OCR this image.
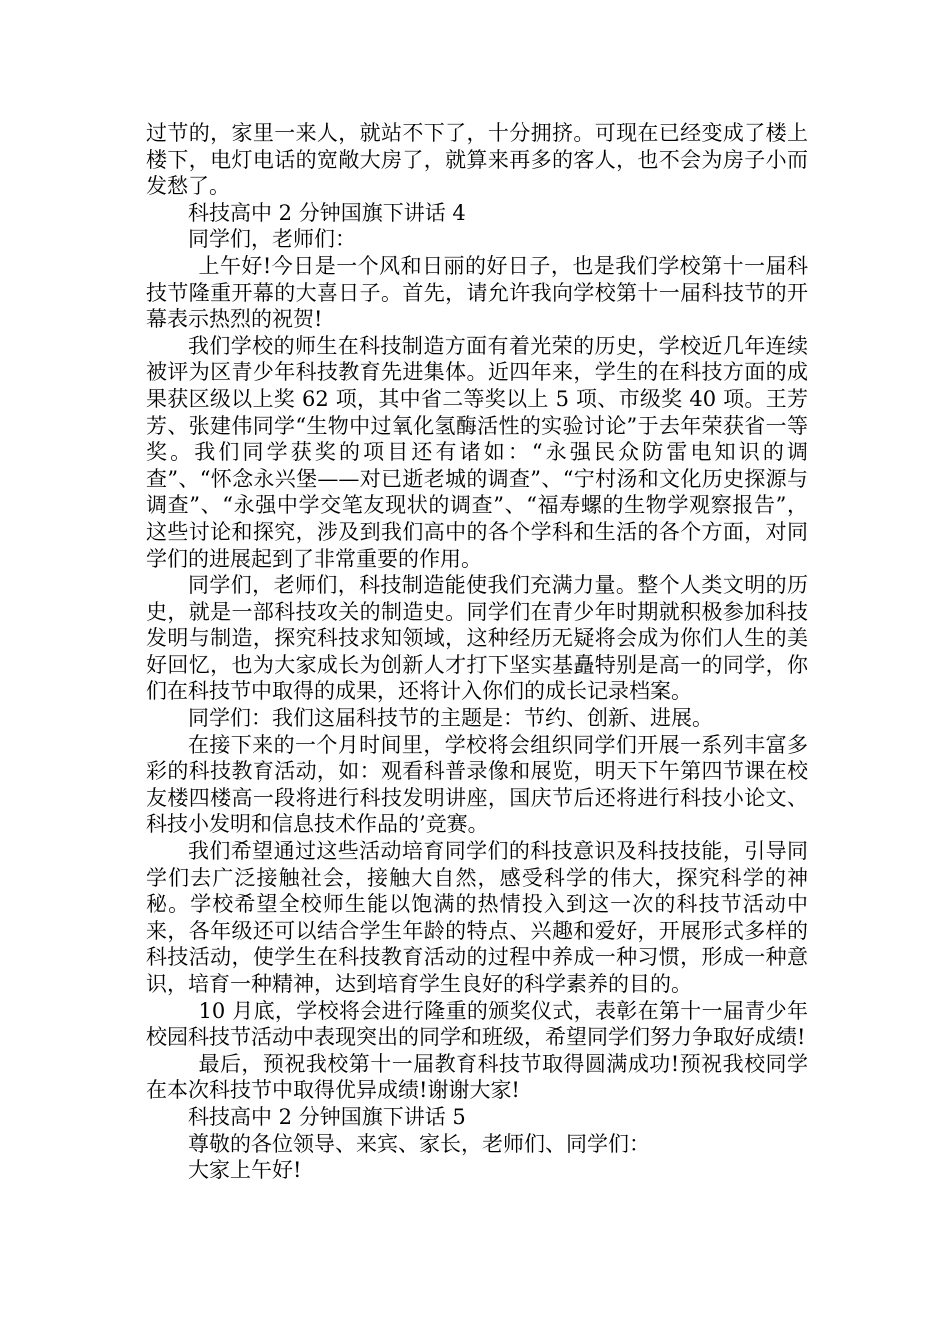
过节的，家里一来人，就站不下了，十分拥挤。可现在已经变成了楼上楼下，电灯电话的宽敞大房了，就算来再多的客人，也不会为房子小而发愁了。

科技高中 2 分钟国旗下讲话 4

同学们，老师们：

上午好!今日是一个风和日丽的好日子，也是我们学校第十一届科技节隆重开幕的大喜日子。首先，请允许我向学校第十一届科技节的开幕表示热烈的祝贺!

我们学校的师生在科技制造方面有着光荣的历史，学校近几年连续被评为区青少年科技教育先进集体。近四年来，学生的在科技方面的成果获区级以上奖 62 项，其中省二等奖以上 5 项、市级奖 40 项。王芳芳、张建伟同学“生物中过氧化氢酶活性的实验讨论”于去年荣获省一等奖。我们同学获奖的项目还有诸如：“永强民众防雷电知识的调查”、“怀念永兴堡——对已逝老城的调查”、“宁村汤和文化历史探源与调查”、“永强中学交笔友现状的调查”、“福寿螺的生物学观察报告”，这些讨论和探究，涉及到我们高中的各个学科和生活的各个方面，对同学们的进展起到了非常重要的作用。

同学们，老师们，科技制造能使我们充满力量。整个人类文明的历史，就是一部科技攻关的制造史。同学们在青少年时期就积极参加科技发明与制造，探究科技求知领域，这种经历无疑将会成为你们人生的美好回忆，也为大家成长为创新人才打下坚实基矗特别是高一的同学，你们在科技节中取得的成果，还将计入你们的成长记录档案。

同学们：我们这届科技节的主题是：节约、创新、进展。

在接下来的一个月时间里，学校将会组织同学们开展一系列丰富多彩的科技教育活动，如：观看科普录像和展览，明天下午第四节课在校友楼四楼高一段将进行科技发明讲座，国庆节后还将进行科技小论文、科技小发明和信息技术作品的’竞赛。

我们希望通过这些活动培育同学们的科技意识及科技技能，引导同学们去广泛接触社会，接触大自然，感受科学的伟大，探究科学的神秘。学校希望全校师生能以饱满的热情投入到这一次的科技节活动中来，各年级还可以结合学生年龄的特点、兴趣和爱好，开展形式多样的科技活动，使学生在科技教育活动的过程中养成一种习惯，形成一种意识，培育一种精神，达到培育学生良好的科学素养的目的。

10 月底，学校将会进行隆重的颁奖仪式，表彰在第十一届青少年校园科技节活动中表现突出的同学和班级，希望同学们努力争取好成绩!

最后，预祝我校第十一届教育科技节取得圆满成功!预祝我校同学在本次科技节中取得优异成绩!谢谢大家!

科技高中 2 分钟国旗下讲话 5

尊敬的各位领导、来宾、家长，老师们、同学们：

大家上午好!
